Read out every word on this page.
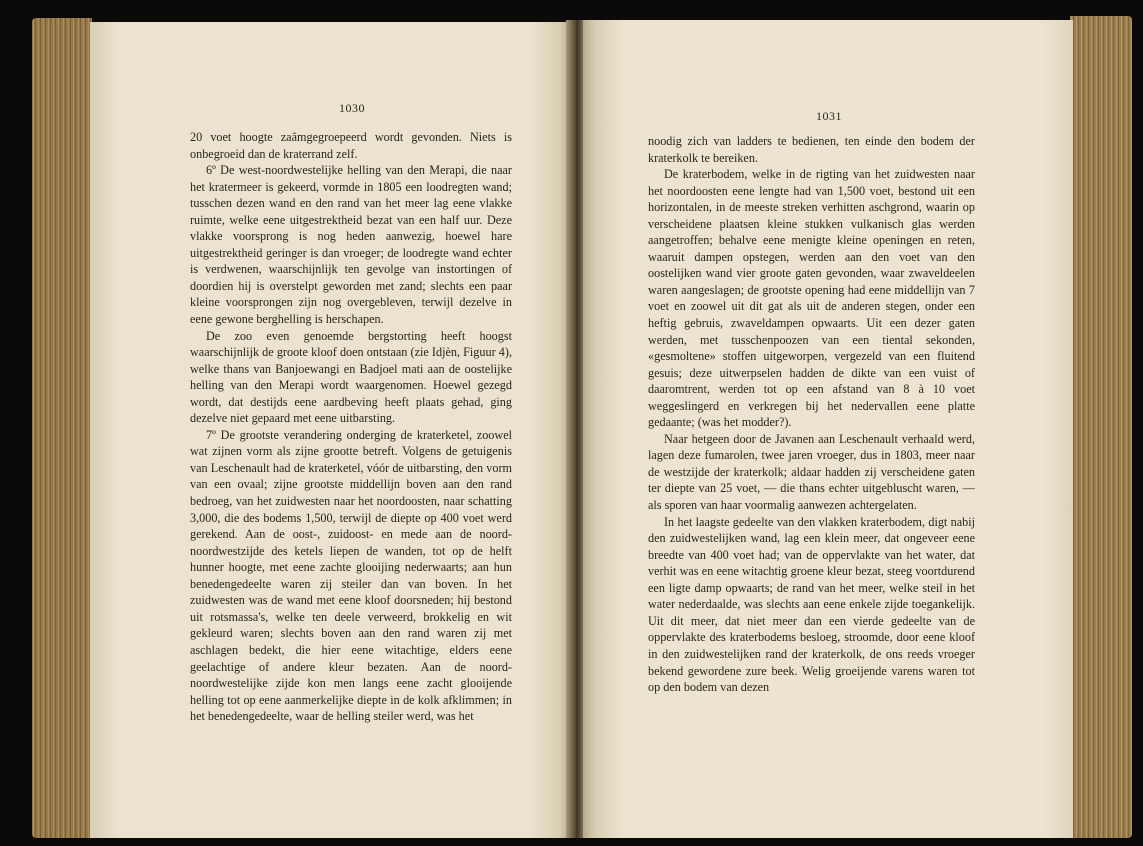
1030

20 voet hoogte zaâmgegroepeerd wordt gevonden. Niets is onbegroeid dan de kraterrand zelf.

6º De west-noordwestelijke helling van den Merapi, die naar het kratermeer is gekeerd, vormde in 1805 een loodregten wand; tusschen dezen wand en den rand van het meer lag eene vlakke ruimte, welke eene uitgestrektheid bezat van een half uur. Deze vlakke voorsprong is nog heden aanwezig, hoewel hare uitgestrektheid geringer is dan vroeger; de loodregte wand echter is verdwenen, waarschijnlijk ten gevolge van instortingen of doordien hij is overstelpt geworden met zand; slechts een paar kleine voorsprongen zijn nog overgebleven, terwijl dezelve in eene gewone berghelling is herschapen.

De zoo even genoemde bergstorting heeft hoogst waarschijnlijk de groote kloof doen ontstaan (zie Idjèn, Figuur 4), welke thans van Banjoewangi en Badjoel mati aan de oostelijke helling van den Merapi wordt waargenomen. Hoewel gezegd wordt, dat destijds eene aardbeving heeft plaats gehad, ging dezelve niet gepaard met eene uitbarsting.

7º De grootste verandering onderging de kraterketel, zoowel wat zijnen vorm als zijne grootte betreft. Volgens de getuigenis van Leschenault had de kraterketel, vóór de uitbarsting, den vorm van een ovaal; zijne grootste middellijn boven aan den rand bedroeg, van het zuidwesten naar het noordoosten, naar schatting 3,000, die des bodems 1,500, terwijl de diepte op 400 voet werd gerekend. Aan de oost-, zuidoost- en mede aan de noord-noordwestzijde des ketels liepen de wanden, tot op de helft hunner hoogte, met eene zachte glooijing nederwaarts; aan hun benedengedeelte waren zij steiler dan van boven. In het zuidwesten was de wand met eene kloof doorsneden; hij bestond uit rotsmassa's, welke ten deele verweerd, brokkelig en wit gekleurd waren; slechts boven aan den rand waren zij met aschlagen bedekt, die hier eene witachtige, elders eene geelachtige of andere kleur bezaten. Aan de noord-noordwestelijke zijde kon men langs eene zacht glooijende helling tot op eene aanmerkelijke diepte in de kolk afklimmen; in het benedengedeelte, waar de helling steiler werd, was het

1031

noodig zich van ladders te bedienen, ten einde den bodem der kraterkolk te bereiken.

De kraterbodem, welke in de rigting van het zuidwesten naar het noordoosten eene lengte had van 1,500 voet, bestond uit een horizontalen, in de meeste streken verhitten aschgrond, waarin op verscheidene plaatsen kleine stukken vulkanisch glas werden aangetroffen; behalve eene menigte kleine openingen en reten, waaruit dampen opstegen, werden aan den voet van den oostelijken wand vier groote gaten gevonden, waar zwaveldeelen waren aangeslagen; de grootste opening had eene middellijn van 7 voet en zoowel uit dit gat als uit de anderen stegen, onder een heftig gebruis, zwaveldampen opwaarts. Uit een dezer gaten werden, met tusschenpoozen van een tiental sekonden, «gesmoltene» stoffen uitgeworpen, vergezeld van een fluitend gesuis; deze uitwerpselen hadden de dikte van een vuist of daaromtrent, werden tot op een afstand van 8 à 10 voet weggeslingerd en verkregen bij het nedervallen eene platte gedaante; (was het modder?).

Naar hetgeen door de Javanen aan Leschenault verhaald werd, lagen deze fumarolen, twee jaren vroeger, dus in 1803, meer naar de westzijde der kraterkolk; aldaar hadden zij verscheidene gaten ter diepte van 25 voet, — die thans echter uitgebluscht waren, — als sporen van haar voormalig aanwezen achtergelaten.

In het laagste gedeelte van den vlakken kraterbodem, digt nabij den zuidwestelijken wand, lag een klein meer, dat ongeveer eene breedte van 400 voet had; van de oppervlakte van het water, dat verhit was en eene witachtig groene kleur bezat, steeg voortdurend een ligte damp opwaarts; de rand van het meer, welke steil in het water nederdaalde, was slechts aan eene enkele zijde toegankelijk. Uit dit meer, dat niet meer dan een vierde gedeelte van de oppervlakte des kraterbodems besloeg, stroomde, door eene kloof in den zuidwestelijken rand der kraterkolk, de ons reeds vroeger bekend gewordene zure beek. Welig groeijende varens waren tot op den bodem van dezen
